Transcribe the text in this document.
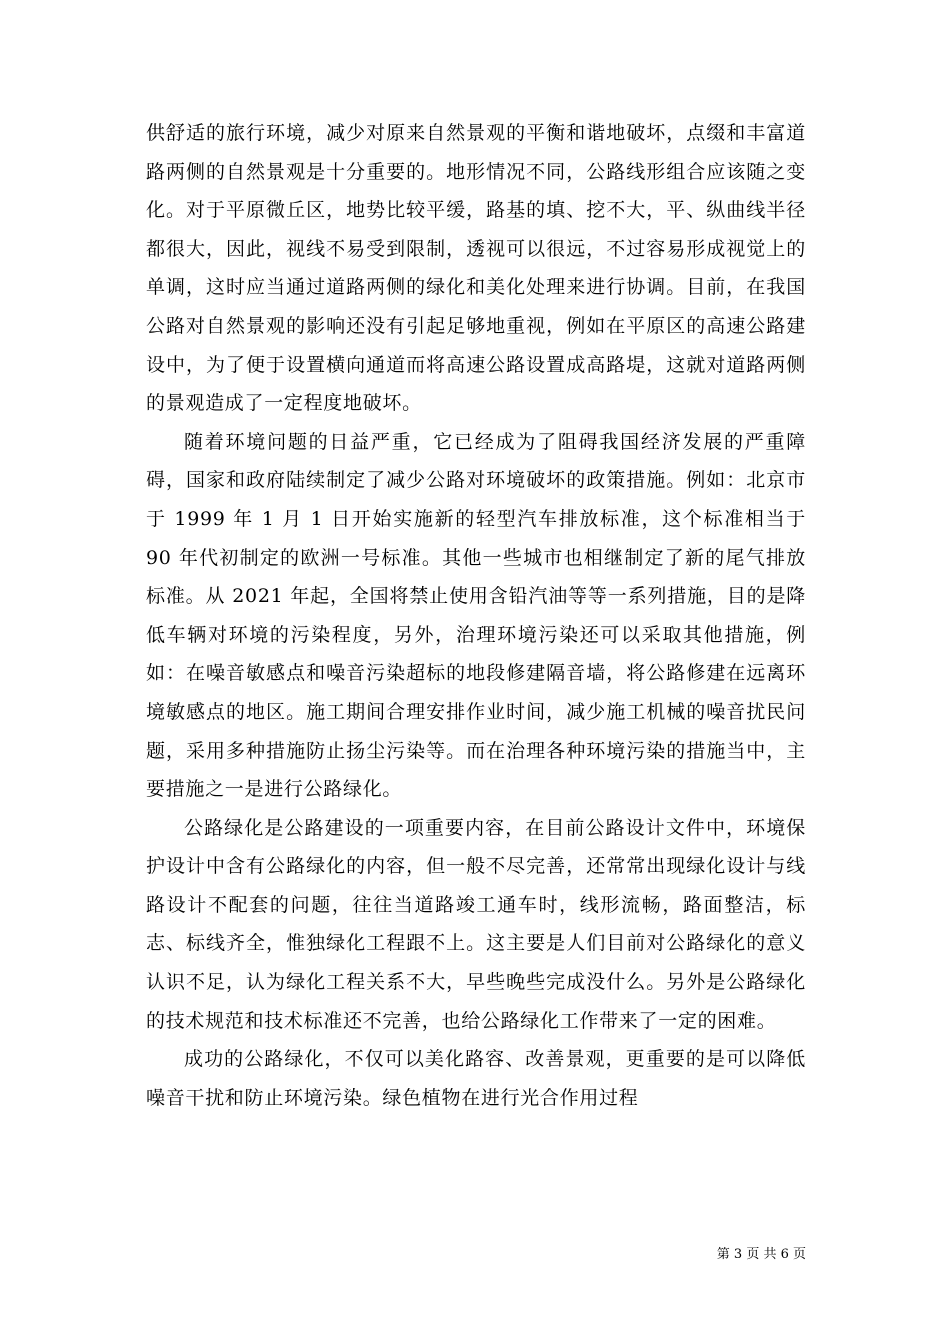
供舒适的旅行环境，减少对原来自然景观的平衡和谐地破坏，点缀和丰富道路两侧的自然景观是十分重要的。地形情况不同，公路线形组合应该随之变化。对于平原微丘区，地势比较平缓，路基的填、挖不大，平、纵曲线半径都很大，因此，视线不易受到限制，透视可以很远，不过容易形成视觉上的单调，这时应当通过道路两侧的绿化和美化处理来进行协调。目前，在我国公路对自然景观的影响还没有引起足够地重视，例如在平原区的高速公路建设中，为了便于设置横向通道而将高速公路设置成高路堤，这就对道路两侧的景观造成了一定程度地破坏。

随着环境问题的日益严重，它已经成为了阻碍我国经济发展的严重障碍，国家和政府陆续制定了减少公路对环境破坏的政策措施。例如：北京市于 1999 年 1 月 1 日开始实施新的轻型汽车排放标准，这个标准相当于 90 年代初制定的欧洲一号标准。其他一些城市也相继制定了新的尾气排放标准。从 2021 年起，全国将禁止使用含铅汽油等等一系列措施，目的是降低车辆对环境的污染程度，另外，治理环境污染还可以采取其他措施，例如：在噪音敏感点和噪音污染超标的地段修建隔音墙，将公路修建在远离环境敏感点的地区。施工期间合理安排作业时间，减少施工机械的噪音扰民问题，采用多种措施防止扬尘污染等。而在治理各种环境污染的措施当中，主要措施之一是进行公路绿化。

公路绿化是公路建设的一项重要内容，在目前公路设计文件中，环境保护设计中含有公路绿化的内容，但一般不尽完善，还常常出现绿化设计与线路设计不配套的问题，往往当道路竣工通车时，线形流畅，路面整洁，标志、标线齐全，惟独绿化工程跟不上。这主要是人们目前对公路绿化的意义认识不足，认为绿化工程关系不大，早些晚些完成没什么。另外是公路绿化的技术规范和技术标准还不完善，也给公路绿化工作带来了一定的困难。

成功的公路绿化，不仅可以美化路容、改善景观，更重要的是可以降低噪音干扰和防止环境污染。绿色植物在进行光合作用过程

第 3 页 共 6 页
